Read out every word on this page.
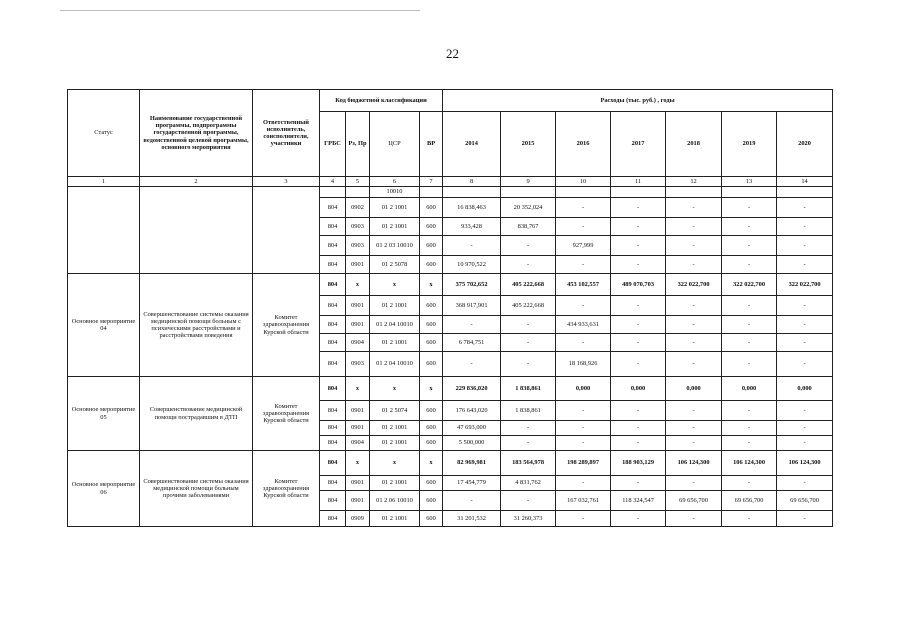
22
Статус	Наименование государственной программы, подпрограммы государственной программы, ведомственной целевой программы, основного мероприятия	Ответственный исполнитель, соисполнители, участники	Код бюджетной классификации				Расходы (тыс. руб.) , годы						
			ГРБС	Рз, Пр	ЦСР	ВР	2014	2015	2016	2017	2018	2019	2020
1	2	3	4	5	6	7	8	9	10	11	12	13	14
					10010								
			804	0902	01 2 1001	600	16 838,463	20 352,024	-	-	-	-	-
			804	0903	01 2 1001	600	933,428	838,767	-	-	-	-	-
			804	0903	01 2 03 10010	600	-	-	927,999	-	-	-	-
			804	0901	01 2 5078	600	10 970,522	-	-	-	-	-	-
Основное мероприятие 04	Совершенствование системы оказания медицинской помощи больным с психическими расстройствами и расстройствами поведения	Комитет здравоохранения Курской области	804	x	x	x	375 702,652	405 222,668	453 102,557	489 070,703	322 022,700	322 022,700	322 022,700
			804	0901	01 2 1001	600	368 917,901	405 222,668	-	-	-	-	-
			804	0901	01 2 04 10010	600	-	-	434 933,631	-	-	-	-
			804	0904	01 2 1001	600	6 784,751	-	-	-	-	-	-
			804	0903	01 2 04 10010	600	-	-	18 168,926	-	-	-	-
Основное мероприятие 05	Совершенствование медицинской помощи пострадавшим в ДТП	Комитет здравоохранения Курской области	804	x	x	x	229 836,020	1 838,861	0,000	0,000	0,000	0,000	0,000
			804	0901	01 2 5074	600	176 643,020	1 838,861	-	-	-	-	-
			804	0901	01 2 1001	600	47 693,000	-	-	-	-	-	-
			804	0904	01 2 1001	600	5 500,000	-	-	-	-	-	-
Основное мероприятие 06	Совершенствование системы оказания медицинской помощи больным прочими заболеваниями	Комитет здравоохранения Курской области	804	x	x	x	82 969,981	183 564,978	198 289,897	188 903,129	106 124,300	106 124,300	106 124,300
			804	0901	01 2 1001	600	17 454,779	4 831,762	-	-	-	-	-
			804	0901	01 2 06 10010	600	-	-	167 032,761	118 324,547	69 656,700	69 656,700	69 656,700
			804	0909	01 2 1001	600	31 201,532	31 260,373	-	-	-	-	-
